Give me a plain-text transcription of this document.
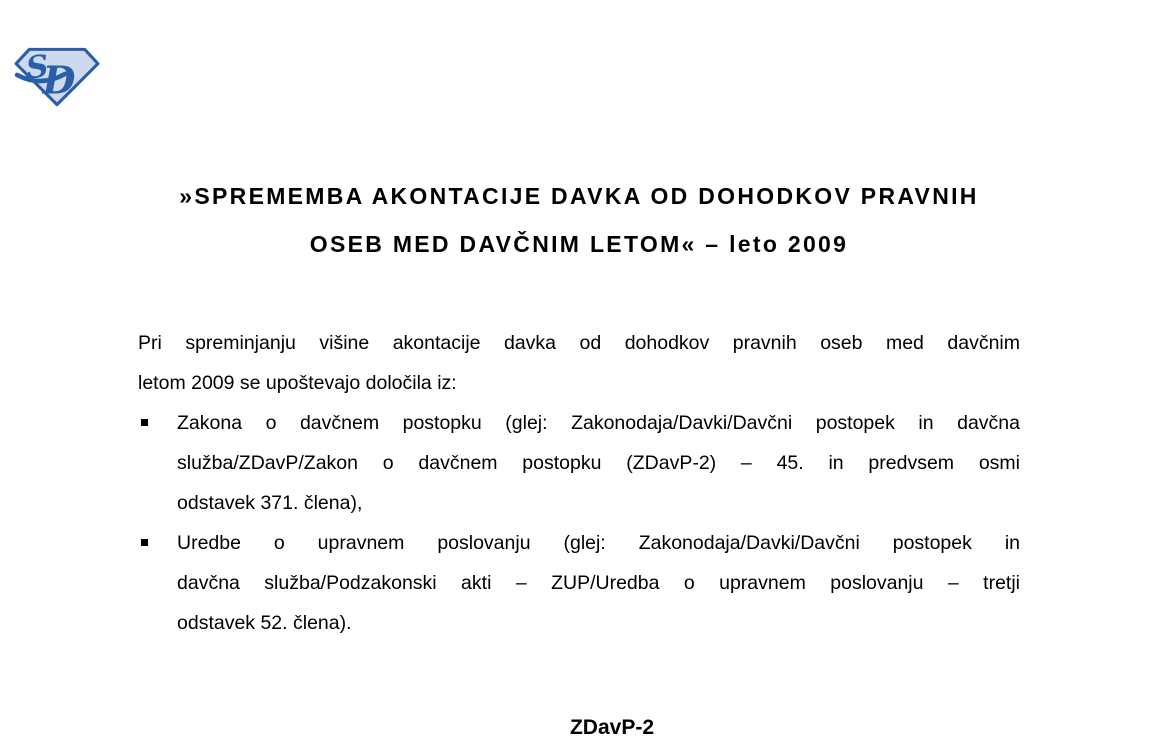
S
D
»SPREMEMBA AKONTACIJE DAVKA OD DOHODKOV PRAVNIH
OSEB MED DAVČNIM LETOM« – leto 2009

Pri spreminjanju višine akontacije davka od dohodkov pravnih oseb med davčnim
letom 2009 se upoštevajo določila iz:

Zakona o davčnem postopku (glej: Zakonodaja/Davki/Davčni postopek in davčna
služba/ZDavP/Zakon o davčnem postopku (ZDavP-2) – 45. in predvsem osmi
odstavek 371. člena),
Uredbe o upravnem poslovanju (glej: Zakonodaja/Davki/Davčni postopek in
davčna služba/Podzakonski akti – ZUP/Uredba o upravnem poslovanju – tretji
odstavek 52. člena).
ZDavP-2
